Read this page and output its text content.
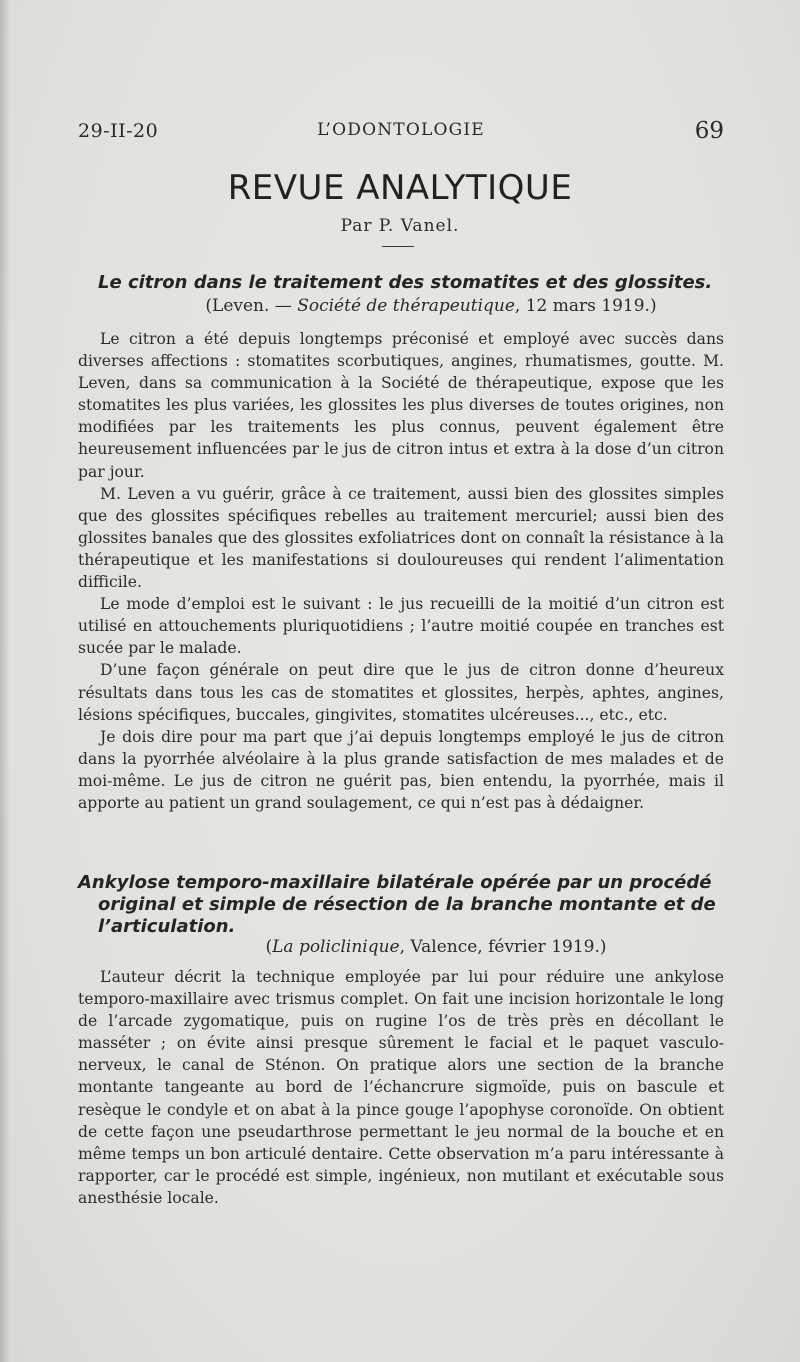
29-II-20	L’ODONTOLOGIE	69
REVUE ANALYTIQUE
Par P. Vanel.
Le citron dans le traitement des stomatites et des glossites.
(Leven. — Société de thérapeutique, 12 mars 1919.)

Le citron a été depuis longtemps préconisé et employé avec succès dans diverses affections : stomatites scorbutiques, angines, rhumatismes, goutte. M. Leven, dans sa communication à la Société de thérapeutique, expose que les stomatites les plus variées, les glossites les plus diverses de toutes origines, non modifiées par les traitements les plus connus, peuvent également être heureusement influencées par le jus de citron intus et extra à la dose d’un citron par jour.

M. Leven a vu guérir, grâce à ce traitement, aussi bien des glossites simples que des glossites spécifiques rebelles au traitement mercuriel; aussi bien des glossites banales que des glossites exfoliatrices dont on connaît la résistance à la thérapeutique et les manifestations si douloureuses qui rendent l’alimentation difficile.

Le mode d’emploi est le suivant : le jus recueilli de la moitié d’un citron est utilisé en attouchements pluriquotidiens ; l’autre moitié coupée en tranches est sucée par le malade.

D’une façon générale on peut dire que le jus de citron donne d’heureux résultats dans tous les cas de stomatites et glossites, herpès, aphtes, angines, lésions spécifiques, buccales, gingivites, stomatites ulcéreuses..., etc., etc.

Je dois dire pour ma part que j’ai depuis longtemps employé le jus de citron dans la pyorrhée alvéolaire à la plus grande satisfaction de mes malades et de moi-même. Le jus de citron ne guérit pas, bien entendu, la pyorrhée, mais il apporte au patient un grand soulagement, ce qui n’est pas à dédaigner.

Ankylose temporo-maxillaire bilatérale opérée par un procédé original et simple de résection de la branche montante et de l’articulation.
(La policlinique, Valence, février 1919.)

L’auteur décrit la technique employée par lui pour réduire une ankylose temporo-maxillaire avec trismus complet. On fait une incision horizontale le long de l’arcade zygomatique, puis on rugine l’os de très près en décollant le masséter ; on évite ainsi presque sûrement le facial et le paquet vasculo-nerveux, le canal de Sténon. On pratique alors une section de la branche montante tangeante au bord de l’échancrure sigmoïde, puis on bascule et resèque le condyle et on abat à la pince gouge l’apophyse coronoïde. On obtient de cette façon une pseudarthrose permettant le jeu normal de la bouche et en même temps un bon articulé dentaire. Cette observation m’a paru intéressante à rapporter, car le procédé est simple, ingénieux, non mutilant et exécutable sous anesthésie locale.
